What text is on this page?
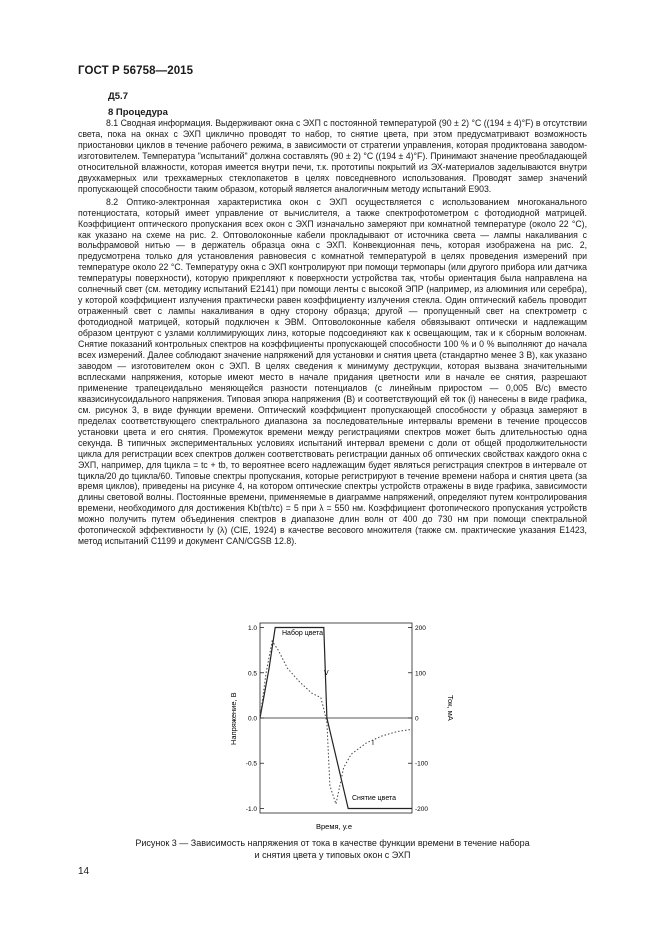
ГОСТ Р 56758—2015
Д5.7
8 Процедура

8.1 Сводная информация. Выдерживают окна с ЭХП с постоянной температурой (90 ± 2) °С ((194 ± 4)°F) в отсутствии света, пока на окнах с ЭХП циклично проводят то набор, то снятие цвета, при этом предусматривают возможность приостановки циклов в течение рабочего режима, в зависимости от стратегии управления, которая продиктована заводом-изготовителем. Температура "испытаний" должна составлять (90 ± 2) °С ((194 ± 4)°F). Принимают значение преобладающей относительной влажности, которая имеется внутри печи, т.к. прототипы покрытий из ЭХ-материалов заделываются внутри двухкамерных или трехкамерных стеклопакетов в целях повседневного использования. Проводят замер значений пропускающей способности таким образом, который является аналогичным методу испытаний Е903.

8.2 Оптико-электронная характеристика окон с ЭХП осуществляется с использованием многоканального потенциостата, который имеет управление от вычислителя, а также спектрофотометром с фотодиодной матрицей. Коэффициент оптического пропускания всех окон с ЭХП изначально замеряют при комнатной температуре (около 22 °С), как указано на схеме на рис. 2. Оптоволоконные кабели прокладывают от источника света — лампы накаливания с вольфрамовой нитью — в держатель образца окна с ЭХП. Конвекционная печь, которая изображена на рис. 2, предусмотрена только для установления равновесия с комнатной температурой в целях проведения измерений при температуре около 22 °С. Температуру окна с ЭХП контролируют при помощи термопары (или другого прибора или датчика температуры поверхности), которую прикрепляют к поверхности устройства так, чтобы ориентация была направлена на солнечный свет (см. методику испытаний Е2141) при помощи ленты с высокой ЭПР (например, из алюминия или серебра), у которой коэффициент излучения практически равен коэффициенту излучения стекла. Один оптический кабель проводит отраженный свет с лампы накаливания в одну сторону образца; другой — пропущенный свет на спектрометр с фотодиодной матрицей, который подключен к ЭВМ. Оптоволоконные кабеля обвязывают оптически и надлежащим образом центруют с узлами коллимирующих линз, которые подсоединяют как к освещающим, так и к сборным волокнам. Снятие показаний контрольных спектров на коэффициенты пропускающей способности 100 % и 0 % выполняют до начала всех измерений. Далее соблюдают значение напряжений для установки и снятия цвета (стандартно менее 3 В), как указано заводом — изготовителем окон с ЭХП. В целях сведения к минимуму деструкции, которая вызвана значительными всплесками напряжения, которые имеют место в начале придания цветности или в начале ее снятия, разрешают применение трапецеидально меняющейся разности потенциалов (с линейным приростом — 0,005 В/с) вместо квазисинусоидального напряжения. Типовая эпюра напряжения (В) и соответствующий ей ток (i) нанесены в виде графика, см. рисунок 3, в виде функции времени. Оптический коэффициент пропускающей способности у образца замеряют в пределах соответствующего спектрального диапазона за последовательные интервалы времени в течение процессов установки цвета и его снятия. Промежуток времени между регистрациями спектров может быть длительностью одна секунда. В типичных экспериментальных условиях испытаний интервал времени с доли от общей продолжительности цикла для регистрации всех спектров должен соответствовать регистрации данных об оптических свойствах каждого окна с ЭХП, например, для tцикла = tc + tb, то вероятнее всего надлежащим будет являться регистрация спектров в интервале от tцикла/20 до tцикла/60. Типовые спектры пропускания, которые регистрируют в течение времени набора и снятия цвета (за время циклов), приведены на рисунке 4, на котором оптические спектры устройств отражены в виде графика, зависимости длины световой волны. Постоянные времени, применяемые в диаграмме напряжений, определяют путем контролирования времени, необходимого для достижения Kb(τb/τc) = 5 при λ = 550 нм. Коэффициент фотопического пропускания устройств можно получить путем объединения спектров в диапазоне длин волн от 400 до 730 нм при помощи спектральной фотопической эффективности Iy (λ) (CIE, 1924) в качестве весового множителя (также см. практические указания Е1423, метод испытаний С1199 и документ CAN/CGSB 12.8).

1.0
0.5
0.0
-0.5
-1.0
200
100
0
-100
-200
Набор цвета
Снятие цвета
V
I
Напряжение, В	Ток, мА
Время, у.е
Рисунок 3 — Зависимость напряжения от тока в качестве функции времени в течение набора
и снятия цвета у типовых окон с ЭХП
14
